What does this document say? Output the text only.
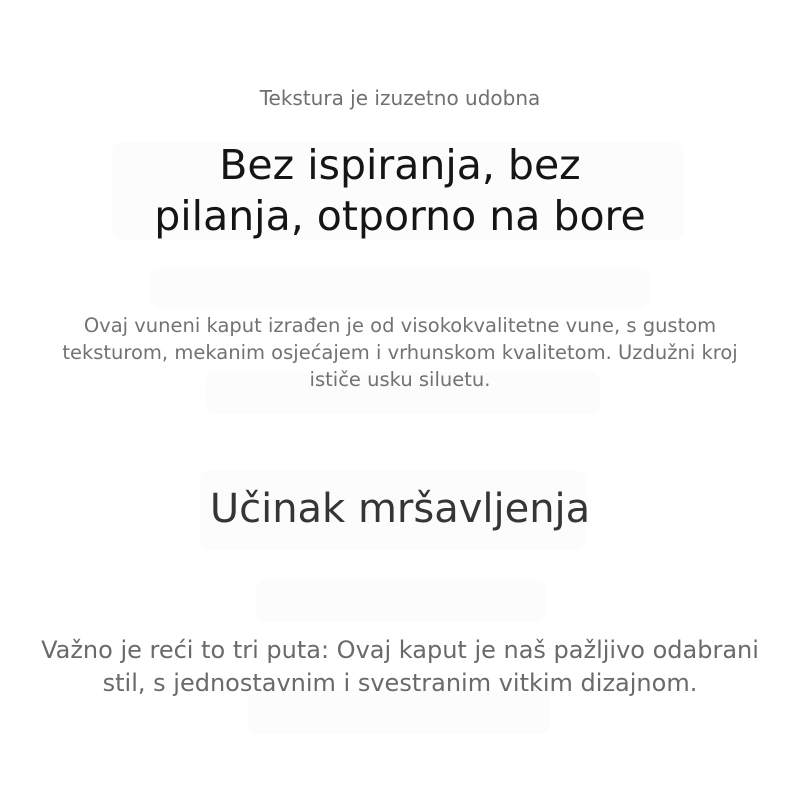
Tekstura je izuzetno udobna

Bez ispiranja, bez
pilanja, otporno na bore

Ovaj vuneni kaput izrađen je od visokokvalitetne vune, s gustom teksturom, mekanim osjećajem i vrhunskom kvalitetom. Uzdužni kroj ističe usku siluetu.

Učinak mršavljenja

Važno je reći to tri puta: Ovaj kaput je naš pažljivo odabrani stil, s jednostavnim i svestranim vitkim dizajnom.
